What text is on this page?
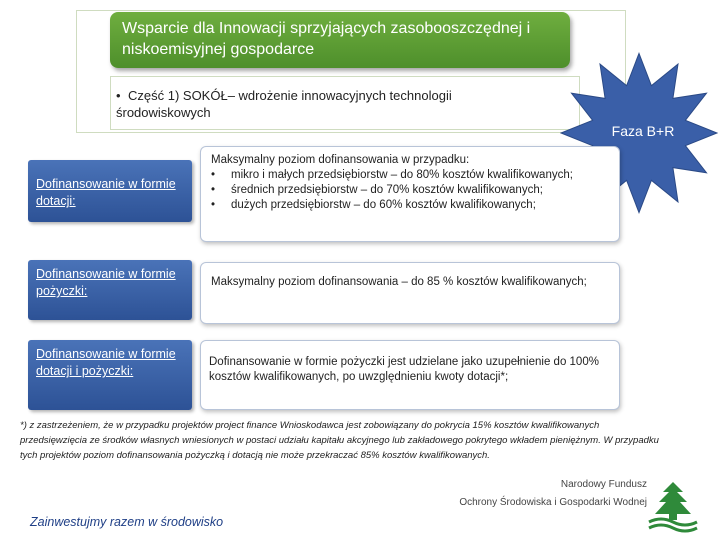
Wsparcie dla Innowacji sprzyjających zasobooszczędnej i niskoemisyjnej gospodarce
• Część 1) SOKÓŁ– wdrożenie innowacyjnych technologii środowiskowych
Faza B+R
Dofinansowanie w formie dotacji:
Maksymalny poziom dofinansowania w przypadku:
• mikro i małych przedsiębiorstw – do 80% kosztów kwalifikowanych;
• średnich przedsiębiorstw – do 70% kosztów kwalifikowanych;
• dużych przedsiębiorstw – do 60% kosztów kwalifikowanych;
Dofinansowanie w formie pożyczki:
Maksymalny poziom dofinansowania – do 85 % kosztów kwalifikowanych;
Dofinansowanie w formie dotacji i pożyczki:
Dofinansowanie w formie pożyczki jest udzielane jako uzupełnienie do 100% kosztów kwalifikowanych, po uwzględnieniu kwoty dotacji*;
*) z zastrzeżeniem, że w przypadku projektów project finance Wnioskodawca jest zobowiązany do pokrycia 15% kosztów kwalifikowanych przedsięwzięcia ze środków własnych wniesionych w postaci udziału kapitału akcyjnego lub zakładowego pokrytego wkładem pieniężnym. W przypadku tych projektów poziom dofinansowania pożyczką i dotacją nie może przekraczać 85% kosztów kwalifikowanych.
Zainwestujmy razem w środowisko
Narodowy Fundusz
Ochrony Środowiska i Gospodarki Wodnej
